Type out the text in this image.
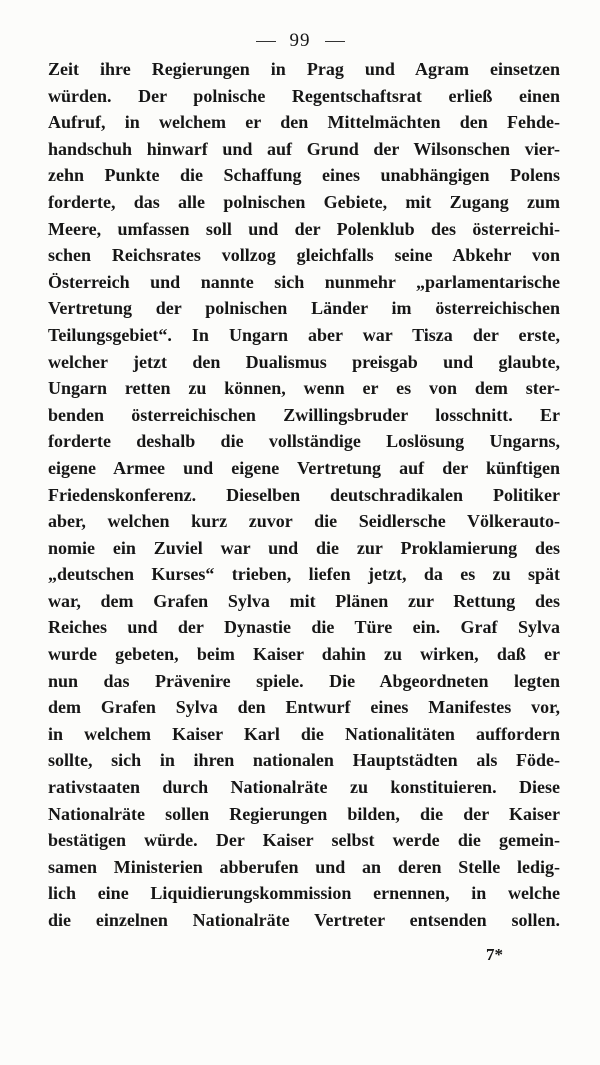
99
Zeit ihre Regierungen in Prag und Agram einsetzen
würden. Der polnische Regentschaftsrat erließ einen
Aufruf, in welchem er den Mittelmächten den Fehde-
handschuh hinwarf und auf Grund der Wilsonschen vier-
zehn Punkte die Schaffung eines unabhängigen Polens
forderte, das alle polnischen Gebiete, mit Zugang zum
Meere, umfassen soll und der Polenklub des österreichi-
schen Reichsrates vollzog gleichfalls seine Abkehr von
Österreich und nannte sich nunmehr „parlamentarische
Vertretung der polnischen Länder im österreichischen
Teilungsgebiet“. In Ungarn aber war Tisza der erste,
welcher jetzt den Dualismus preisgab und glaubte,
Ungarn retten zu können, wenn er es von dem ster-
benden österreichischen Zwillingsbruder losschnitt. Er
forderte deshalb die vollständige Loslösung Ungarns,
eigene Armee und eigene Vertretung auf der künftigen
Friedenskonferenz. Dieselben deutschradikalen Politiker
aber, welchen kurz zuvor die Seidlersche Völkerauto-
nomie ein Zuviel war und die zur Proklamierung des
„deutschen Kurses“ trieben, liefen jetzt, da es zu spät
war, dem Grafen Sylva mit Plänen zur Rettung des
Reiches und der Dynastie die Türe ein. Graf Sylva
wurde gebeten, beim Kaiser dahin zu wirken, daß er
nun das Prävenire spiele. Die Abgeordneten legten
dem Grafen Sylva den Entwurf eines Manifestes vor,
in welchem Kaiser Karl die Nationalitäten auffordern
sollte, sich in ihren nationalen Hauptstädten als Föde-
rativstaaten durch Nationalräte zu konstituieren. Diese
Nationalräte sollen Regierungen bilden, die der Kaiser
bestätigen würde. Der Kaiser selbst werde die gemein-
samen Ministerien abberufen und an deren Stelle ledig-
lich eine Liquidierungskommission ernennen, in welche
die einzelnen Nationalräte Vertreter entsenden sollen.
7*
